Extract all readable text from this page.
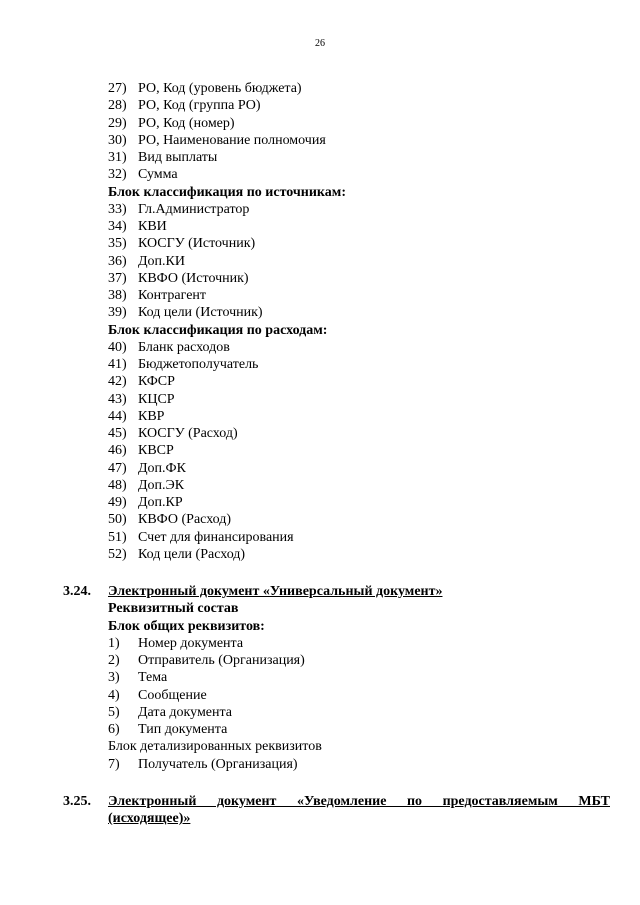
26
27) РО, Код (уровень бюджета)
28) РО, Код (группа РО)
29) РО, Код (номер)
30) РО, Наименование полномочия
31) Вид выплаты
32) Сумма
Блок классификация по источникам:
33) Гл.Администратор
34) КВИ
35) КОСГУ (Источник)
36) Доп.КИ
37) КВФО (Источник)
38) Контрагент
39) Код цели (Источник)
Блок классификация по расходам:
40) Бланк расходов
41) Бюджетополучатель
42) КФСР
43) КЦСР
44) КВР
45) КОСГУ (Расход)
46) КВСР
47) Доп.ФК
48) Доп.ЭК
49) Доп.КР
50) КВФО (Расход)
51) Счет для финансирования
52) Код цели (Расход)
3.24. Электронный документ «Универсальный документ»
Реквизитный состав
Блок общих реквизитов:
1) Номер документа
2) Отправитель (Организация)
3) Тема
4) Сообщение
5) Дата документа
6) Тип документа
Блок детализированных реквизитов
7) Получатель (Организация)
3.25. Электронный документ «Уведомление по предоставляемым МБТ
(исходящее)»
